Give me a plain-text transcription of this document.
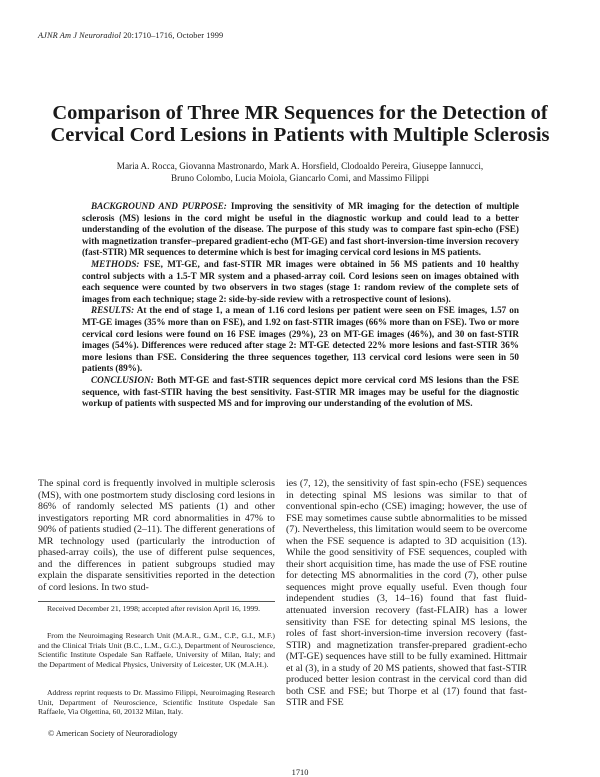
AJNR Am J Neuroradiol 20:1710–1716, October 1999
Comparison of Three MR Sequences for the Detection of
Cervical Cord Lesions in Patients with Multiple Sclerosis
Maria A. Rocca, Giovanna Mastronardo, Mark A. Horsfield, Clodoaldo Pereira, Giuseppe Iannucci,
Bruno Colombo, Lucia Moiola, Giancarlo Comi, and Massimo Filippi

BACKGROUND AND PURPOSE: Improving the sensitivity of MR imaging for the detection of multiple sclerosis (MS) lesions in the cord might be useful in the diagnostic workup and could lead to a better understanding of the evolution of the disease. The purpose of this study was to compare fast spin-echo (FSE) with magnetization transfer–prepared gradient-echo (MT-GE) and fast short-inversion-time inversion recovery (fast-STIR) MR sequences to determine which is best for imaging cervical cord lesions in MS patients.

METHODS: FSE, MT-GE, and fast-STIR MR images were obtained in 56 MS patients and 10 healthy control subjects with a 1.5-T MR system and a phased-array coil. Cord lesions seen on images obtained with each sequence were counted by two observers in two stages (stage 1: random review of the complete sets of images from each technique; stage 2: side-by-side review with a retrospective count of lesions).

RESULTS: At the end of stage 1, a mean of 1.16 cord lesions per patient were seen on FSE images, 1.57 on MT-GE images (35% more than on FSE), and 1.92 on fast-STIR images (66% more than on FSE). Two or more cervical cord lesions were found on 16 FSE images (29%), 23 on MT-GE images (46%), and 30 on fast-STIR images (54%). Differences were reduced after stage 2: MT-GE detected 22% more lesions and fast-STIR 36% more lesions than FSE. Considering the three sequences together, 113 cervical cord lesions were seen in 50 patients (89%).

CONCLUSION: Both MT-GE and fast-STIR sequences depict more cervical cord MS lesions than the FSE sequence, with fast-STIR having the best sensitivity. Fast-STIR MR images may be useful for the diagnostic workup of patients with suspected MS and for improving our understanding of the evolution of MS.

The spinal cord is frequently involved in multiple sclerosis (MS), with one postmortem study disclosing cord lesions in 86% of randomly selected MS patients (1) and other investigators reporting MR cord abnormalities in 47% to 90% of patients studied (2–11). The different generations of MR technology used (particularly the introduction of phased-array coils), the use of different pulse sequences, and the differences in patient subgroups studied may explain the disparate sensitivities reported in the detection of cord lesions. In two stud-

ies (7, 12), the sensitivity of fast spin-echo (FSE) sequences in detecting spinal MS lesions was similar to that of conventional spin-echo (CSE) imaging; however, the use of FSE may sometimes cause subtle abnormalities to be missed (7). Nevertheless, this limitation would seem to be overcome when the FSE sequence is adapted to 3D acquisition (13). While the good sensitivity of FSE sequences, coupled with their short acquisition time, has made the use of FSE routine for detecting MS abnormalities in the cord (7), other pulse sequences might prove equally useful. Even though four independent studies (3, 14–16) found that fast fluid-attenuated inversion recovery (fast-FLAIR) has a lower sensitivity than FSE for detecting spinal MS lesions, the roles of fast short-inversion-time inversion recovery (fast-STIR) and magnetization transfer-prepared gradient-echo (MT-GE) sequences have still to be fully examined. Hittmair et al (3), in a study of 20 MS patients, showed that fast-STIR produced better lesion contrast in the cervical cord than did both CSE and FSE; but Thorpe et al (17) found that fast-STIR and FSE

Received December 21, 1998; accepted after revision April 16, 1999.

From the Neuroimaging Research Unit (M.A.R., G.M., C.P., G.I., M.F.) and the Clinical Trials Unit (B.C., L.M., G.C.), Department of Neuroscience, Scientific Institute Ospedale San Raffaele, University of Milan, Italy; and the Department of Medical Physics, University of Leicester, UK (M.A.H.).

Address reprint requests to Dr. Massimo Filippi, Neuroimaging Research Unit, Department of Neuroscience, Scientific Institute Ospedale San Raffaele, Via Olgettina, 60, 20132 Milan, Italy.

© American Society of Neuroradiology
1710
